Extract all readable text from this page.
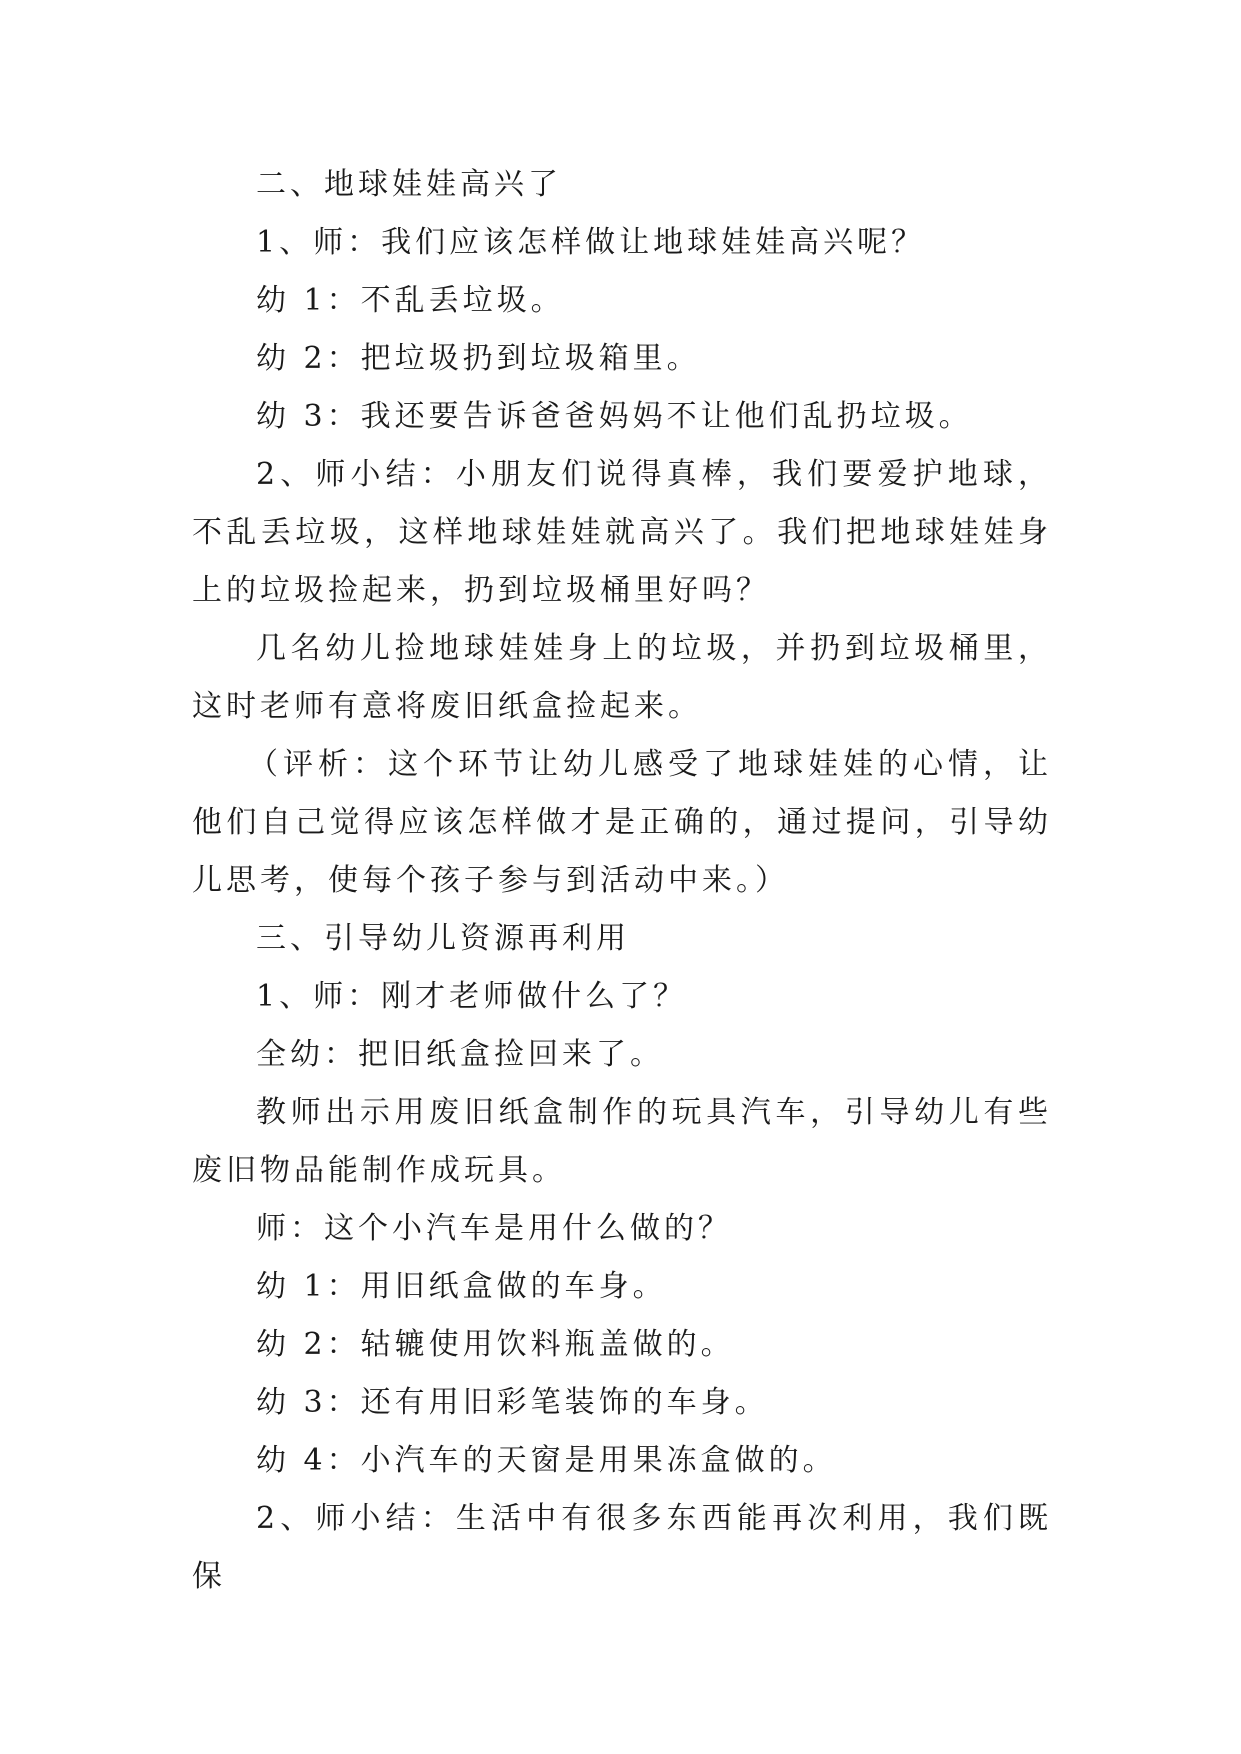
二、地球娃娃高兴了

1、师：我们应该怎样做让地球娃娃高兴呢？

幼 1：不乱丢垃圾。

幼 2：把垃圾扔到垃圾箱里。

幼 3：我还要告诉爸爸妈妈不让他们乱扔垃圾。

2、师小结：小朋友们说得真棒，我们要爱护地球，不乱丢垃圾，这样地球娃娃就高兴了。我们把地球娃娃身上的垃圾捡起来，扔到垃圾桶里好吗？

几名幼儿捡地球娃娃身上的垃圾，并扔到垃圾桶里，这时老师有意将废旧纸盒捡起来。

（评析：这个环节让幼儿感受了地球娃娃的心情，让他们自己觉得应该怎样做才是正确的，通过提问，引导幼儿思考，使每个孩子参与到活动中来。）

三、引导幼儿资源再利用

1、师：刚才老师做什么了？

全幼：把旧纸盒捡回来了。

教师出示用废旧纸盒制作的玩具汽车，引导幼儿有些废旧物品能制作成玩具。

师：这个小汽车是用什么做的？

幼 1：用旧纸盒做的车身。

幼 2：轱辘使用饮料瓶盖做的。

幼 3：还有用旧彩笔装饰的车身。

幼 4：小汽车的天窗是用果冻盒做的。

2、师小结：生活中有很多东西能再次利用，我们既保
